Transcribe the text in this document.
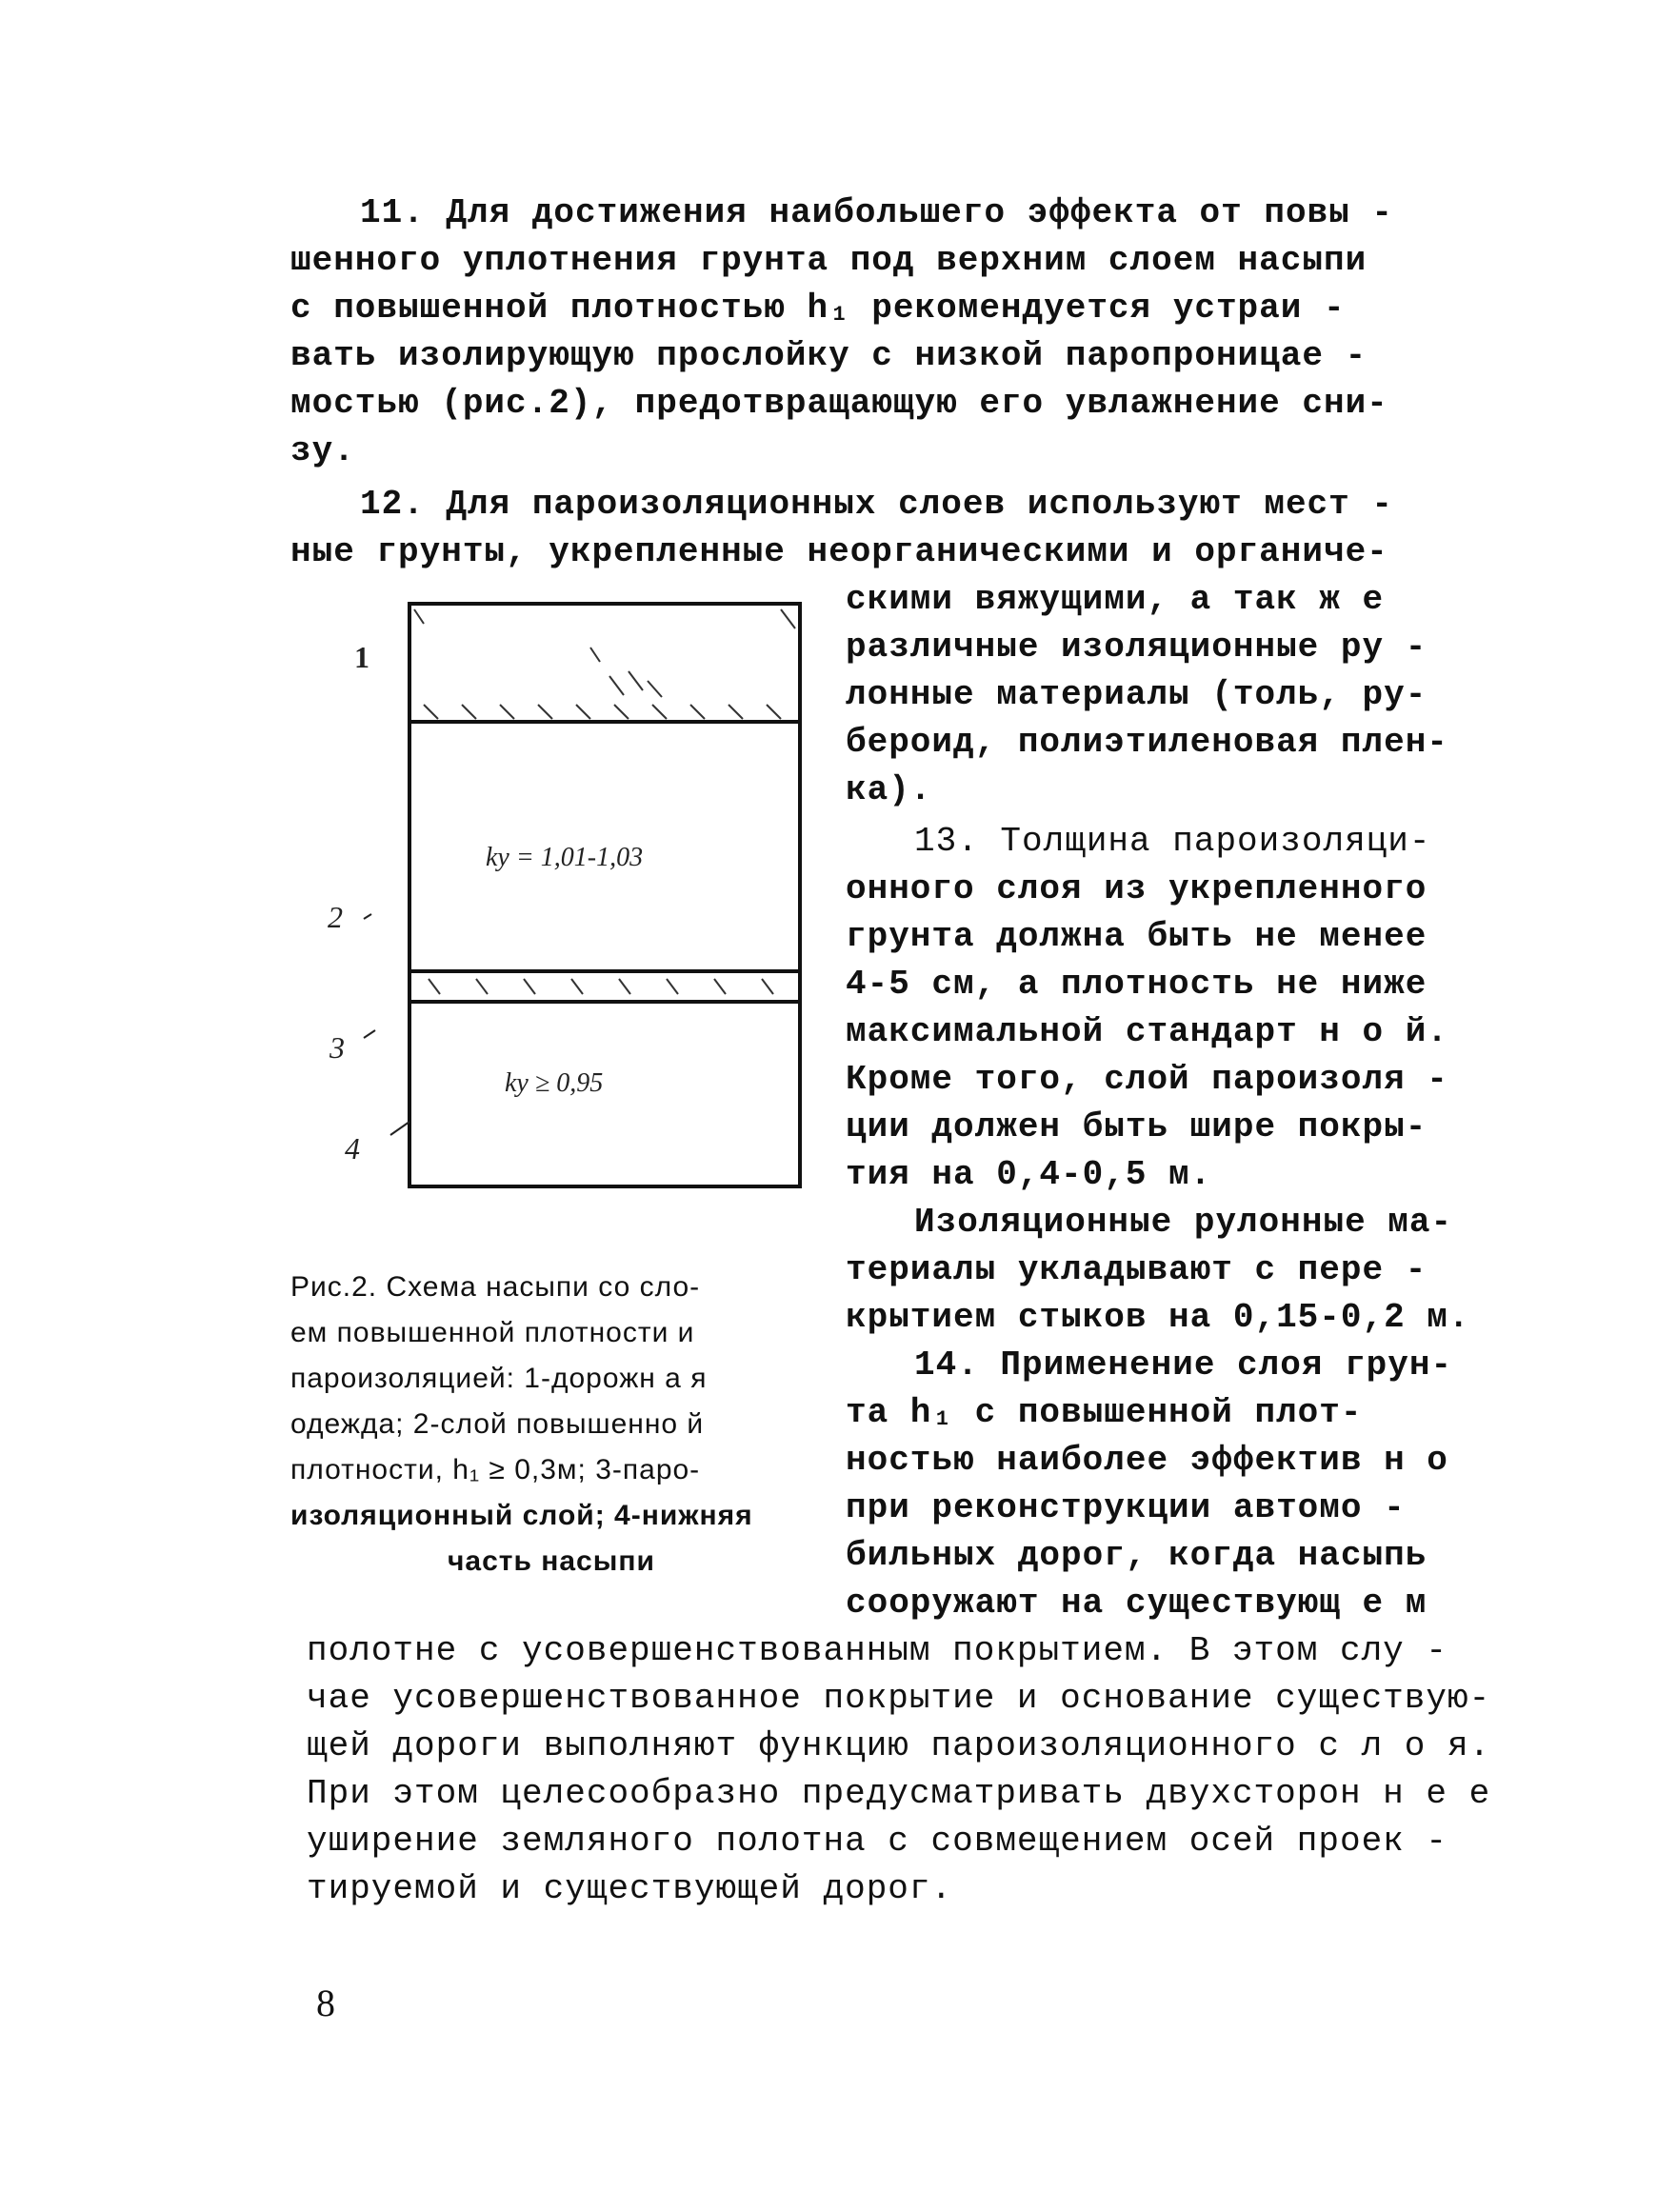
11. Для достижения наибольшего эффекта от повы -
шенного уплотнения грунта под верхним слоем насыпи
с повышенной плотностью h₁ рекомендуется устраи -
вать изолирующую прослойку с низкой паропроницае -
мостью (рис.2), предотвращающую его увлажнение сни-
зу.
12. Для пароизоляционных слоев используют мест -
ные грунты, укрепленные неорганическими и органиче-
1
2
3
4
kу = 1,01-1,03
kу ≥ 0,95
скими вяжущими, а так ж е
различные изоляционные ру -
лонные материалы (толь, ру-
бероид, полиэтиленовая плен-
ка).
13. Толщина пароизоляци-
онного слоя из укрепленного
грунта должна быть не менее
4-5 см, а плотность не ниже
максимальной стандарт н о й.
Кроме того, слой пароизоля -
ции должен быть шире покры-
тия на 0,4-0,5 м.
Изоляционные рулонные ма-
териалы укладывают с пере -
крытием стыков на 0,15-0,2 м.
14. Применение слоя грун-
та h₁ с повышенной плот-
ностью наиболее эффектив н о
при реконструкции автомо -
бильных дорог, когда насыпь
сооружают на существующ е м
Рис.2. Схема насыпи со сло-
ем повышенной плотности и
пароизоляцией: 1-дорожн а я
одежда; 2-слой повышенно й
плотности, h₁ ≥ 0,3м; 3-паро-
изоляционный слой; 4-нижняя
часть насыпи
полотне с усовершенствованным покрытием. В этом слу -
чае усовершенствованное покрытие и основание существую-
щей дороги выполняют функцию пароизоляционного с л о я.
При этом целесообразно предусматривать двухсторон н е е
уширение земляного полотна с совмещением осей проек -
тируемой и существующей дорог.
8
